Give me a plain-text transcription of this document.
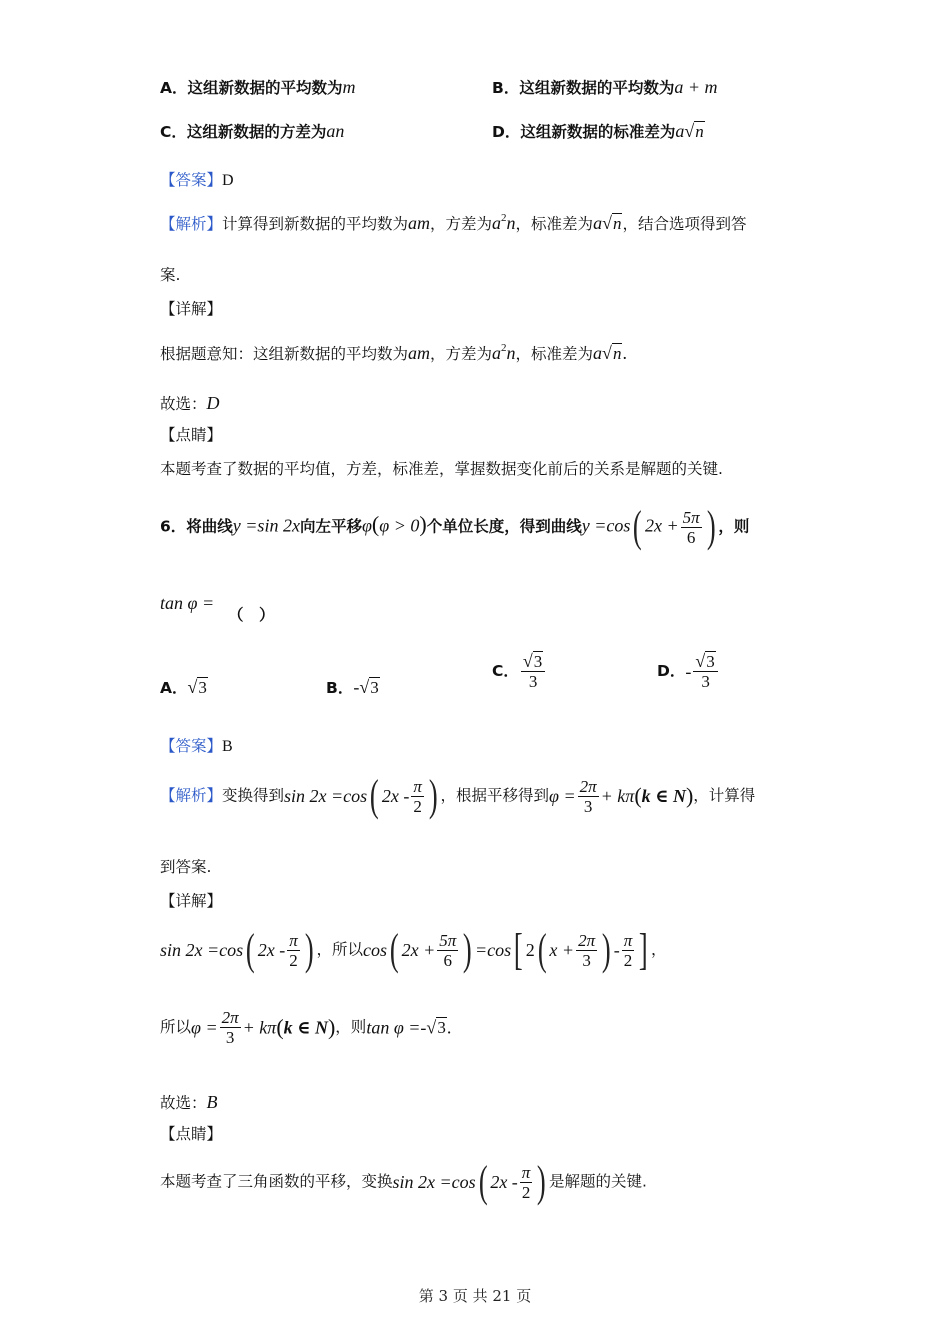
A．这组新数据的平均数为m	B．这组新数据的平均数为a + m
C．这组新数据的方差为an	D．这组新数据的标准差为a√n
【答案】D
【解析】计算得到新数据的平均数为am，方差为$a^2n$，标准差为a√n，结合选项得到答
案.
【详解】
根据题意知：这组新数据的平均数为am，方差为$a^2n$，标准差为a√n.
故选：D
【点睛】
本题考查了数据的平均值，方差，标准差，掌握数据变化前后的关系是解题的关键.
6．将曲线y =sin 2x向左平移φ(φ > 0)个单位长度，得到曲线y =cos( $2x + \frac{5\pi}{6}$ ) ，则
tan φ =
（　）
A．√3	B．-√3
C． $\frac{√3}{3}$	D．- $\frac{√3}{3}$
【答案】B
【解析】变换得到sin 2x =cos( $2x - \frac{\pi}{2}$ ) ，根据平移得到$\varphi = \frac{2\pi}{3} + k\pi(k$ ∈ N)，计算得
到答案.
【详解】
sin 2x =cos( $2x - \frac{\pi}{2}$ ) ，所以cos( $2x + \frac{5\pi}{6}$ ) =cos[ 2( $x + \frac{2\pi}{3}$ ) - $\frac{\pi}{2}$ ] ，
所以$\varphi = \frac{2\pi}{3} + k\pi(k$ ∈ N)，则tan φ =-√3.
故选：B
【点睛】
本题考查了三角函数的平移，变换sin 2x =cos( $2x - \frac{\pi}{2}$ ) 是解题的关键.
第 3 页 共 21 页
